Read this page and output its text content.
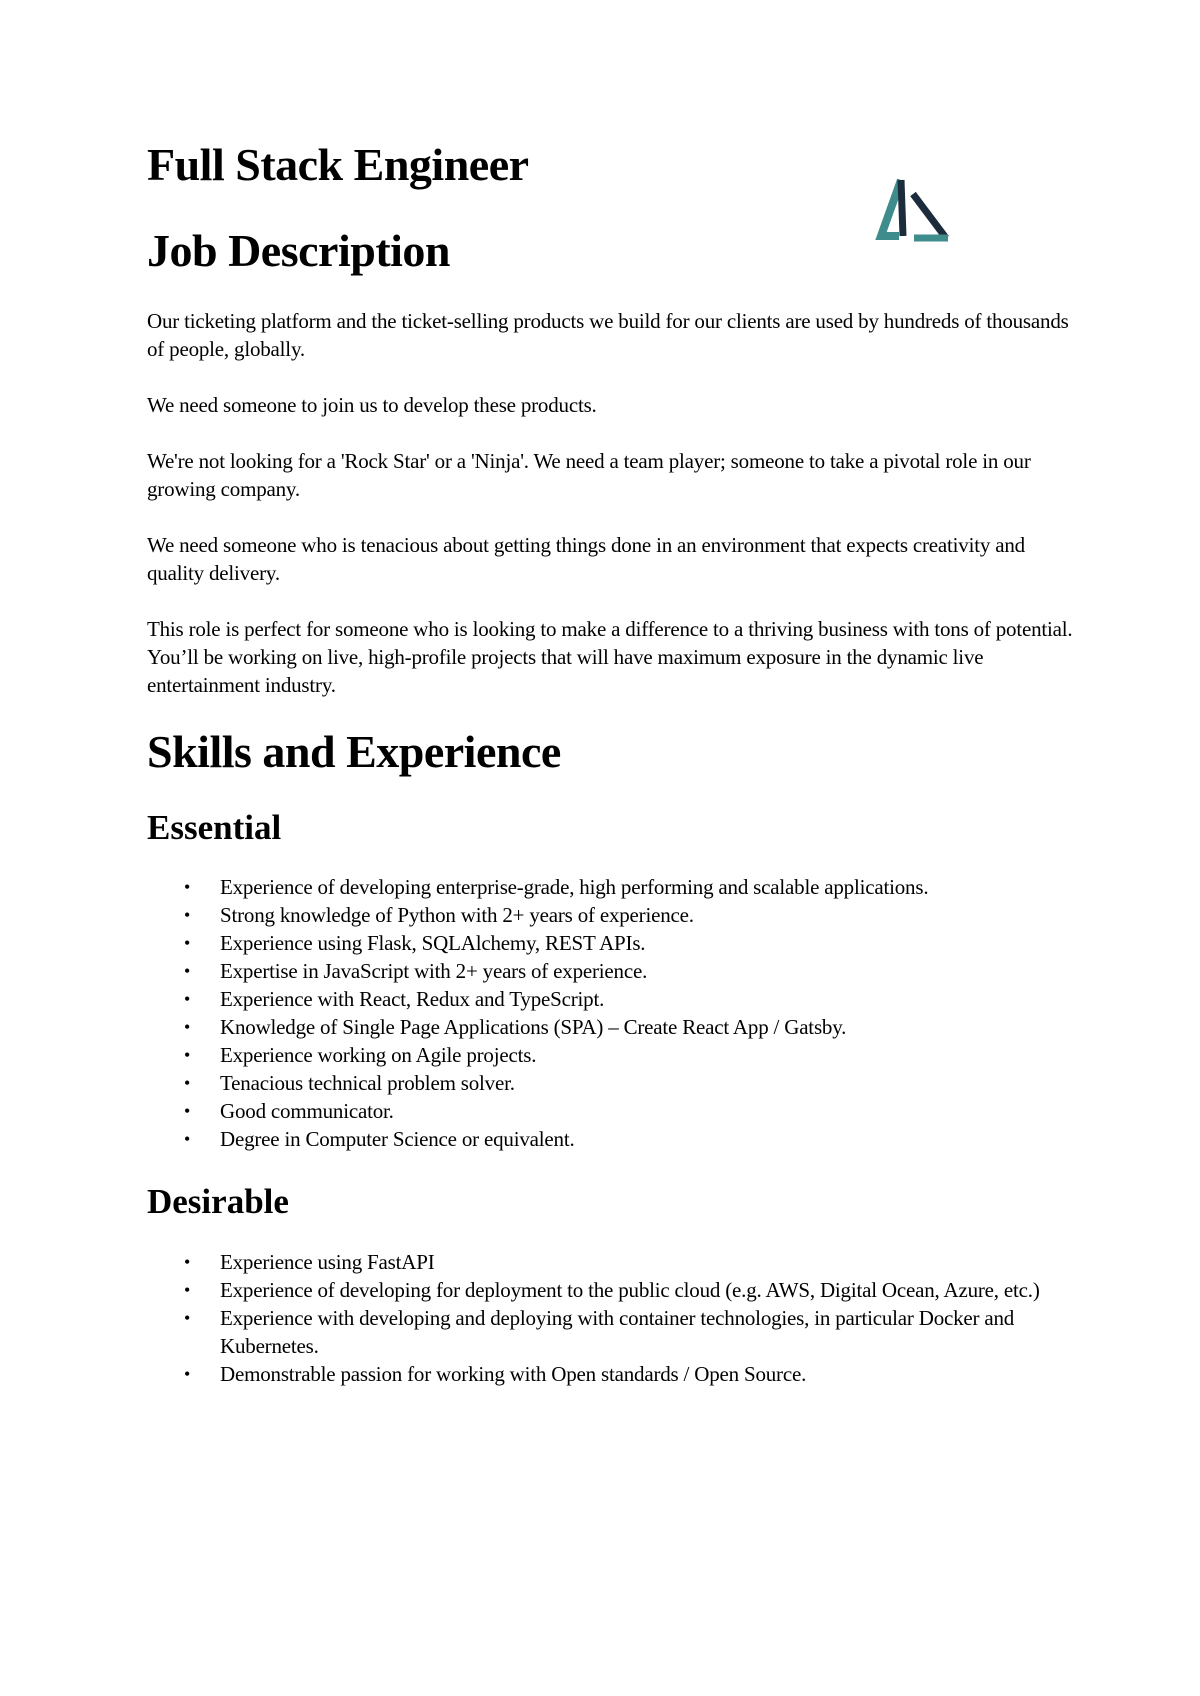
Full Stack Engineer
Job Description

Our ticketing platform and the ticket-selling products we build for our clients are used by hundreds of thousands of people, globally.

We need someone to join us to develop these products.

We're not looking for a 'Rock Star' or a 'Ninja'. We need a team player; someone to take a pivotal role in our growing company.

We need someone who is tenacious about getting things done in an environment that expects creativity and quality delivery.

This role is perfect for someone who is looking to make a difference to a thriving business with tons of potential. You’ll be working on live, high-profile projects that will have maximum exposure in the dynamic live entertainment industry.

Skills and Experience
Essential
• Experience of developing enterprise-grade, high performing and scalable applications.
• Strong knowledge of Python with 2+ years of experience.
• Experience using Flask, SQLAlchemy, REST APIs.
• Expertise in JavaScript with 2+ years of experience.
• Experience with React, Redux and TypeScript.
• Knowledge of Single Page Applications (SPA) – Create React App / Gatsby.
• Experience working on Agile projects.
• Tenacious technical problem solver.
• Good communicator.
• Degree in Computer Science or equivalent.
Desirable
• Experience using FastAPI
• Experience of developing for deployment to the public cloud (e.g. AWS, Digital Ocean, Azure, etc.)
• Experience with developing and deploying with container technologies, in particular Docker and Kubernetes.
• Demonstrable passion for working with Open standards / Open Source.
